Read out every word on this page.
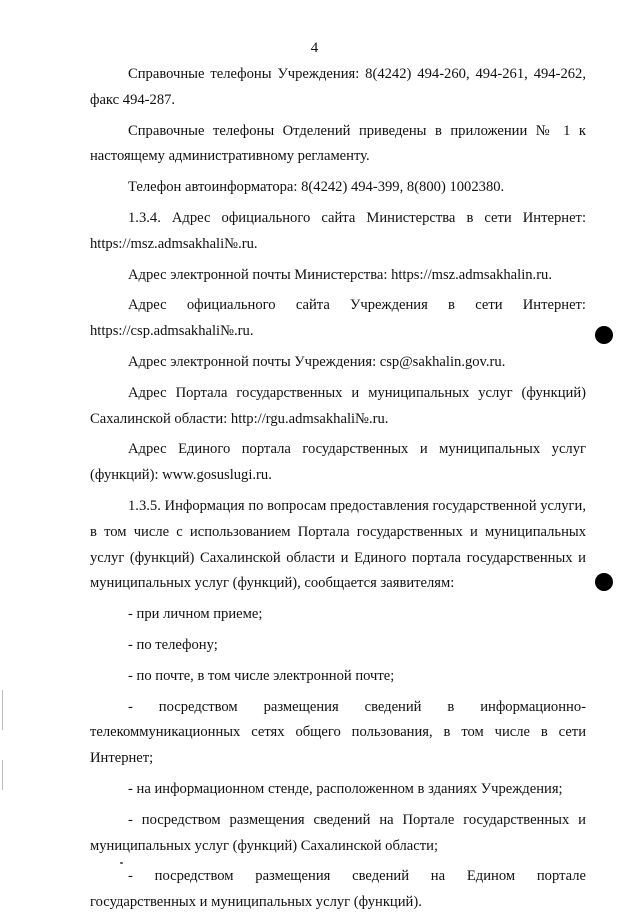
4

Справочные телефоны Учреждения: 8(4242) 494-260, 494-261, 494-262, факс 494-287.

Справочные телефоны Отделений приведены в приложении № 1 к настоящему административному регламенту.

Телефон автоинформатора: 8(4242) 494-399, 8(800) 1002380.

1.3.4. Адрес официального сайта Министерства в сети Интернет: https://msz.admsakhali№.ru.

Адрес электронной почты Министерства: https://msz.admsakhalin.ru.

Адрес официального сайта Учреждения в сети Интернет: https://csp.admsakhali№.ru.

Адрес электронной почты Учреждения: csp@sakhalin.gov.ru.

Адрес Портала государственных и муниципальных услуг (функций) Сахалинской области: http://rgu.admsakhali№.ru.

Адрес Единого портала государственных и муниципальных услуг (функций): www.gosuslugi.ru.

1.3.5. Информация по вопросам предоставления государственной услуги, в том числе с использованием Портала государственных и муниципальных услуг (функций) Сахалинской области и Единого портала государственных и муниципальных услуг (функций), сообщается заявителям:

- при личном приеме;

- по телефону;

- по почте, в том числе электронной почте;

- посредством размещения сведений в информационно-телекоммуникационных сетях общего пользования, в том числе в сети Интернет;

- на информационном стенде, расположенном в зданиях Учреждения;

- посредством размещения сведений на Портале государственных и муниципальных услуг (функций) Сахалинской области;

- посредством размещения сведений на Едином портале государственных и муниципальных услуг (функций).
